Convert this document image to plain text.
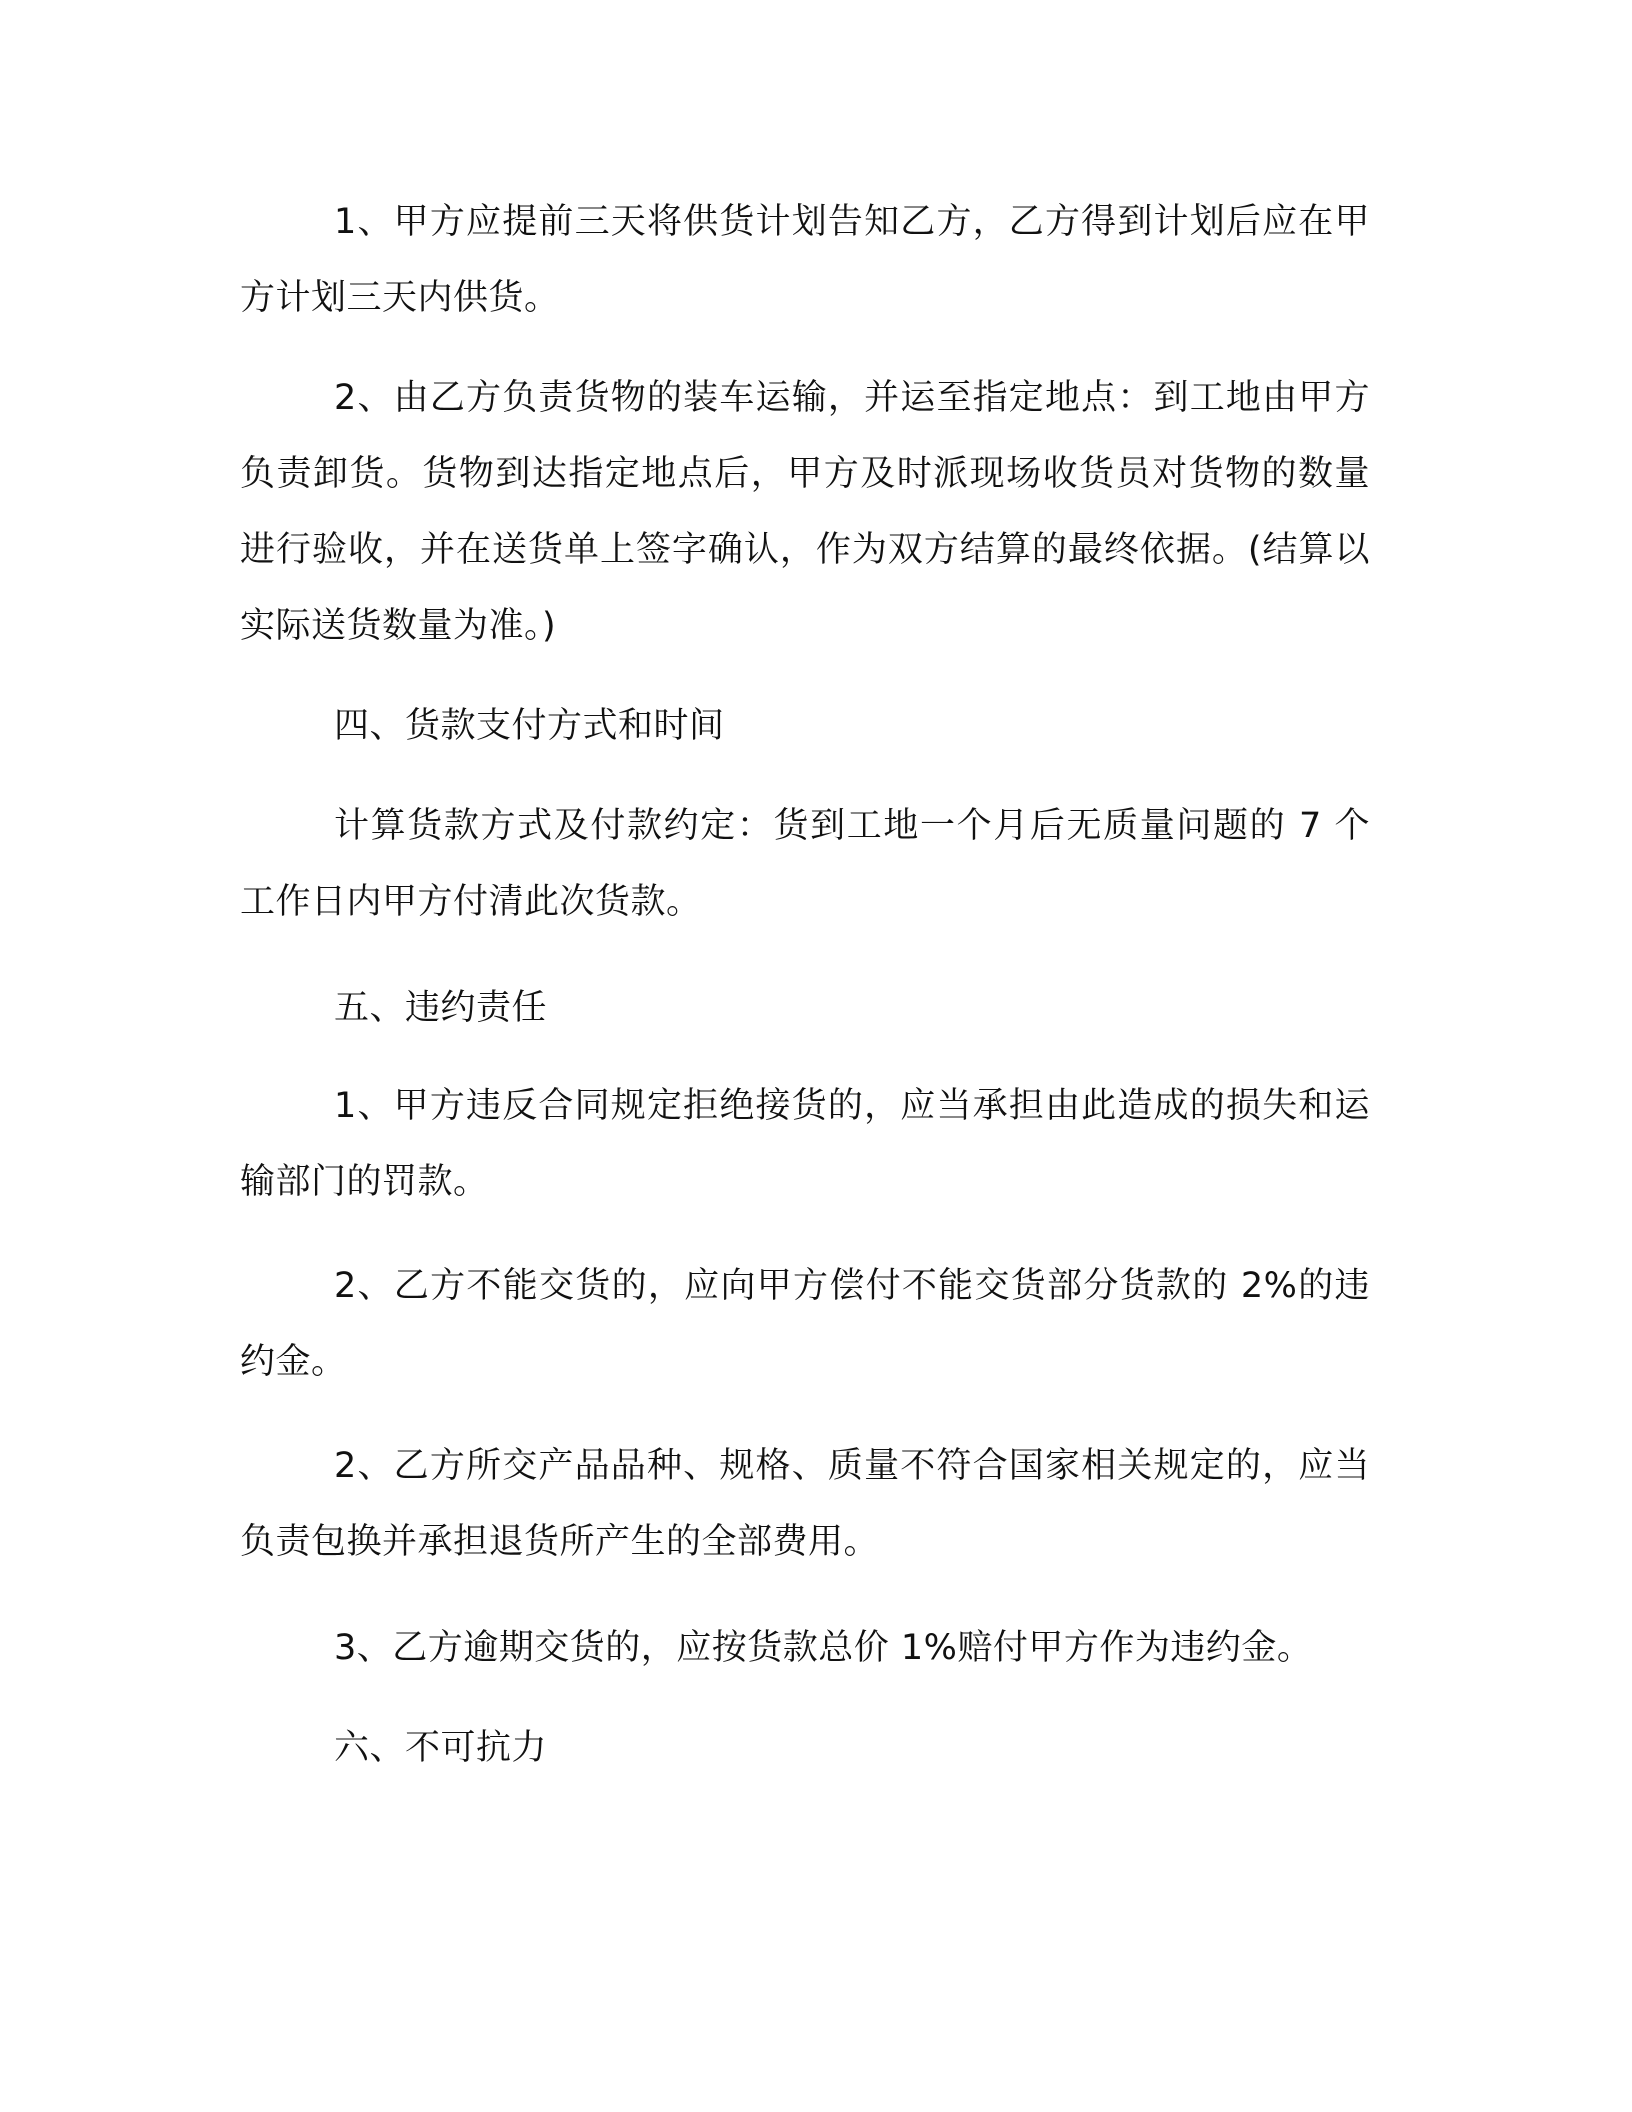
1、甲方应提前三天将供货计划告知乙方，乙方得到计划后应在甲方计划三天内供货。

2、由乙方负责货物的装车运输，并运至指定地点：到工地由甲方负责卸货。货物到达指定地点后，甲方及时派现场收货员对货物的数量进行验收，并在送货单上签字确认，作为双方结算的最终依据。(结算以实际送货数量为准。)

四、货款支付方式和时间

计算货款方式及付款约定：货到工地一个月后无质量问题的 7 个工作日内甲方付清此次货款。

五、违约责任

1、甲方违反合同规定拒绝接货的，应当承担由此造成的损失和运输部门的罚款。

2、乙方不能交货的，应向甲方偿付不能交货部分货款的 2%的违约金。

2、乙方所交产品品种、规格、质量不符合国家相关规定的，应当负责包换并承担退货所产生的全部费用。

3、乙方逾期交货的，应按货款总价 1%赔付甲方作为违约金。

六、不可抗力
